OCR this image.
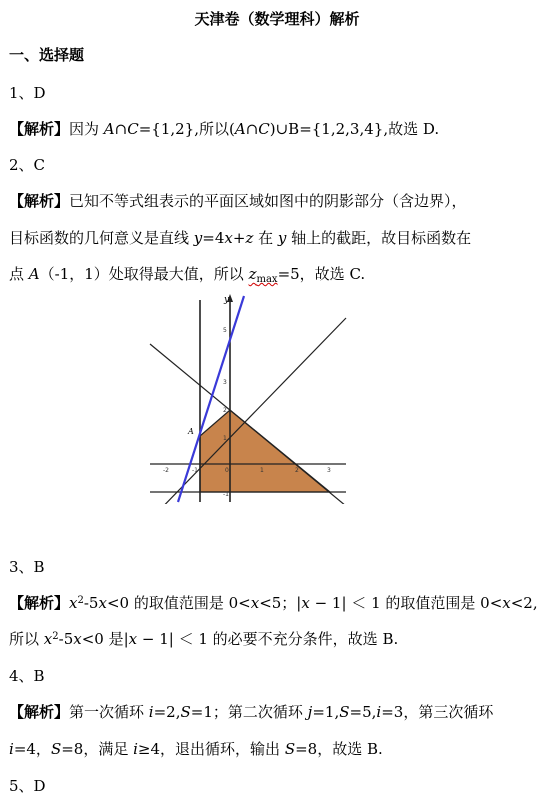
天津卷（数学理科）解析
一、选择题
1、D
【解析】因为 A∩C={1,2},所以(A∩C)∪B={1,2,3,4},故选 D.
2、C
【解析】已知不等式组表示的平面区域如图中的阴影部分（含边界），
目标函数的几何意义是直线 y=4x+z 在 y 轴上的截距，故目标函数在
点 A（-1，1）处取得最大值，所以 $z_{max}=5$，故选 C.
y
A
5
3
2
1
-2	-1	0	1	2	3
-1
3、B
【解析】$x^2-5x<0$ 的取值范围是 0<x<5；|x − 1| ＜ 1 的取值范围是 0<x<2,
所以 $x^2-5x<0$ 是|x − 1| ＜ 1 的必要不充分条件，故选 B.
4、B
【解析】第一次循环 i=2,S=1；第二次循环 j=1,S=5,i=3，第三次循环
i=4，S=8，满足 i≥4，退出循环，输出 S=8，故选 B.
5、D
